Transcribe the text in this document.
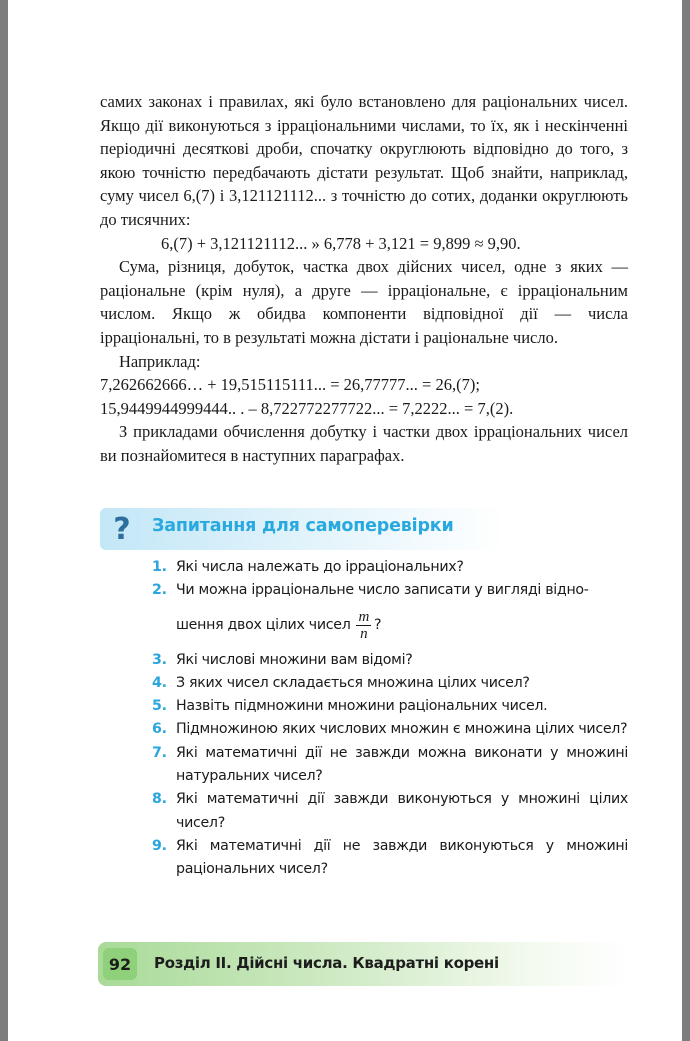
самих законах і правилах, які було встановлено для раціональних чисел. Якщо дії виконуються з ірраціональними числами, то їх, як і нескінченні періодичні десяткові дроби, спочатку округлюють відповідно до того, з якою точністю передбачають дістати результат. Щоб знайти, наприклад, суму чисел 6,(7) і 3,121121112... з точністю до сотих, доданки округлюють до тисячних:

6,(7) + 3,121121112... » 6,778 + 3,121 = 9,899 ≈ 9,90.

Сума, різниця, добуток, частка двох дійсних чисел, одне з яких — раціональне (крім нуля), а друге — ірраціональне, є ірраціональним числом. Якщо ж обидва компоненти відповідної дії — числа ірраціональні, то в результаті можна дістати і раціональне число.

Наприклад:

7,262662666… + 19,515115111... = 26,77777... = 26,(7);

15,9449944999444.. . – 8,722772277722... = 7,2222... = 7,(2).

З прикладами обчислення добутку і частки двох ірраціональних чисел ви познайомитеся в наступних параграфах.

?	Запитання для самоперевірки
1. Які числа належать до ірраціональних?
2. Чи можна ірраціональне число записати у вигляді відно-
шення двох цілих чисел $\frac{m}{n}$ ?
3. Які числові множини вам відомі?
4. З яких чисел складається множина цілих чисел?
5. Назвіть підмножини множини раціональних чисел.
6. Підмножиною яких числових множин є множина цілих чисел?
7. Які математичні дії не завжди можна виконати у множині натуральних чисел?
8. Які математичні дії завжди виконуються у множині цілих чисел?
9. Які математичні дії не завжди виконуються у множині раціональних чисел?
92	Розділ ІІ. Дійсні числа. Квадратні корені
